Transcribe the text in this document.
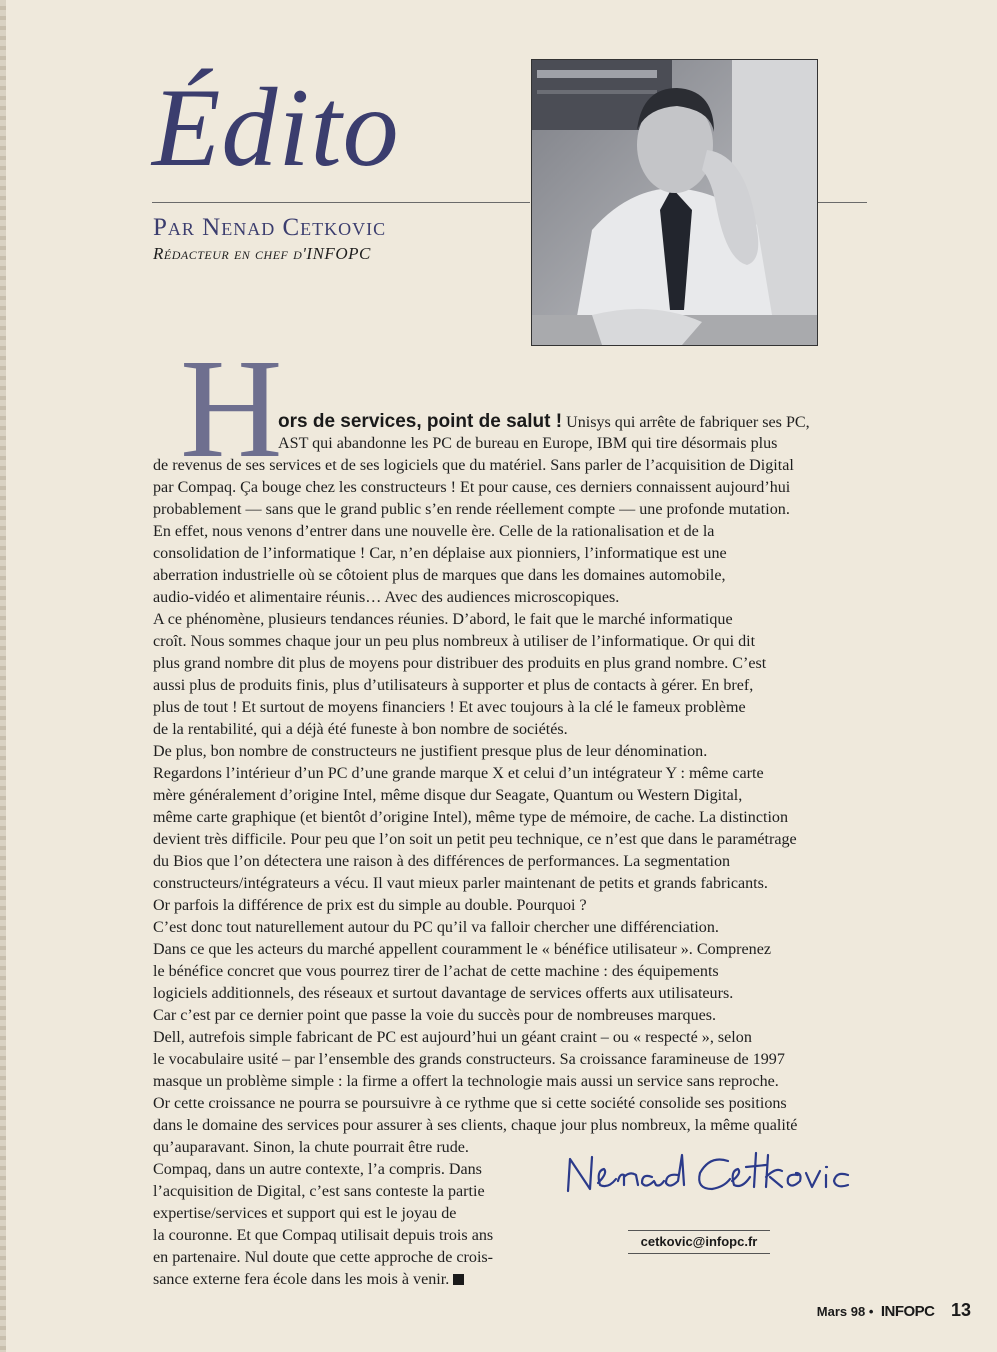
Édito
Par Nenad Cetkovic
Rédacteur en chef d'INFOPC
H
ors de services, point de salut ! Unisys qui arrête de fabriquer ses PC,
AST qui abandonne les PC de bureau en Europe, IBM qui tire désormais plus
de revenus de ses services et de ses logiciels que du matériel. Sans parler de l’acquisition de Digital
par Compaq. Ça bouge chez les constructeurs ! Et pour cause, ces derniers connaissent aujourd’hui
probablement — sans que le grand public s’en rende réellement compte — une profonde mutation.
En effet, nous venons d’entrer dans une nouvelle ère. Celle de la rationalisation et de la
consolidation de l’informatique ! Car, n’en déplaise aux pionniers, l’informatique est une
aberration industrielle où se côtoient plus de marques que dans les domaines automobile,
audio-vidéo et alimentaire réunis… Avec des audiences microscopiques.
A ce phénomène, plusieurs tendances réunies. D’abord, le fait que le marché informatique
croît. Nous sommes chaque jour un peu plus nombreux à utiliser de l’informatique. Or qui dit
plus grand nombre dit plus de moyens pour distribuer des produits en plus grand nombre. C’est
aussi plus de produits finis, plus d’utilisateurs à supporter et plus de contacts à gérer. En bref,
plus de tout ! Et surtout de moyens financiers ! Et avec toujours à la clé le fameux problème
de la rentabilité, qui a déjà été funeste à bon nombre de sociétés.
De plus, bon nombre de constructeurs ne justifient presque plus de leur dénomination.
Regardons l’intérieur d’un PC d’une grande marque X et celui d’un intégrateur Y : même carte
mère généralement d’origine Intel, même disque dur Seagate, Quantum ou Western Digital,
même carte graphique (et bientôt d’origine Intel), même type de mémoire, de cache. La distinction
devient très difficile. Pour peu que l’on soit un petit peu technique, ce n’est que dans le paramétrage
du Bios que l’on détectera une raison à des différences de performances. La segmentation
constructeurs/intégrateurs a vécu. Il vaut mieux parler maintenant de petits et grands fabricants.
Or parfois la différence de prix est du simple au double. Pourquoi ?
C’est donc tout naturellement autour du PC qu’il va falloir chercher une différenciation.
Dans ce que les acteurs du marché appellent couramment le « bénéfice utilisateur ». Comprenez
le bénéfice concret que vous pourrez tirer de l’achat de cette machine : des équipements
logiciels additionnels, des réseaux et surtout davantage de services offerts aux utilisateurs.
Car c’est par ce dernier point que passe la voie du succès pour de nombreuses marques.
Dell, autrefois simple fabricant de PC est aujourd’hui un géant craint – ou « respecté », selon
le vocabulaire usité – par l’ensemble des grands constructeurs. Sa croissance faramineuse de 1997
masque un problème simple : la firme a offert la technologie mais aussi un service sans reproche.
Or cette croissance ne pourra se poursuivre à ce rythme que si cette société consolide ses positions
dans le domaine des services pour assurer à ses clients, chaque jour plus nombreux, la même qualité
qu’auparavant. Sinon, la chute pourrait être rude.
Compaq, dans un autre contexte, l’a compris. Dans
l’acquisition de Digital, c’est sans conteste la partie
expertise/services et support qui est le joyau de
la couronne. Et que Compaq utilisait depuis trois ans
en partenaire. Nul doute que cette approche de crois-
sance externe fera école dans les mois à venir.
cetkovic@infopc.fr
Mars 98 • INFOPC 13
